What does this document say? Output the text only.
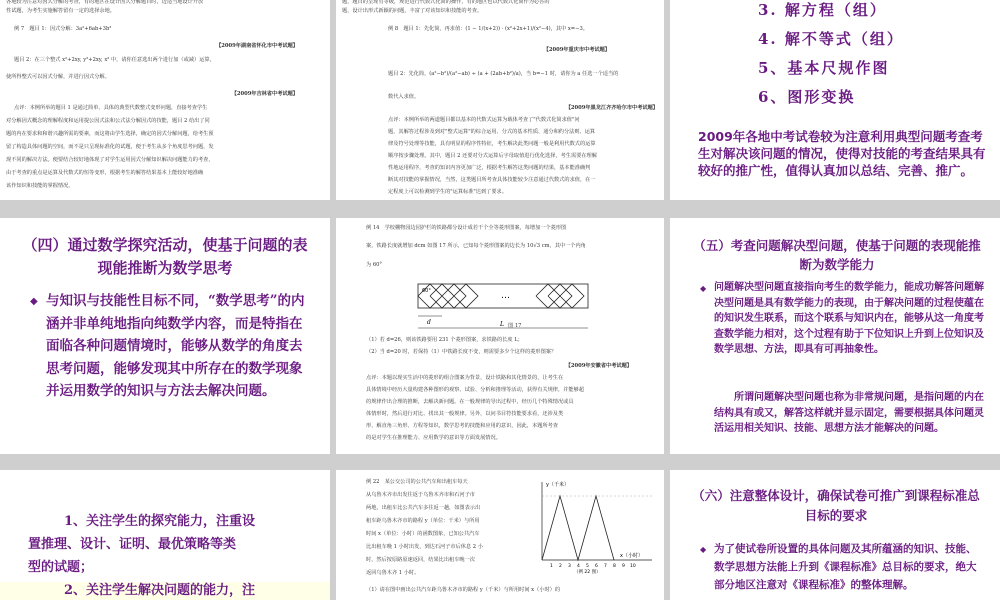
各地较为注意对因式分解的考查，有的地区在设计因式分解题目时，迈适当地设计开放

性试题，为考生实施解答留有一定的选择余地。

例 7　题目 1：因式分解：3a²+6ab+3b²

【2009年湖南省怀化市中考试题】

题目 2：在三个整式 x²+2xy, y²+2xy, x² 中，请你任意选出两个进行加（或减）运算，

使所得整式可以因式分解，并进行因式分解。

【2009年吉林省中考试题】

点评：本例所举的题目 1 是通过简单、具体的典型代数整式变形问题，直接考查学生

对分解因式概念的理解程度和运用提公因式法和公式法分解因式的技能，题目 2 给出了同

题的内在要求和和谐兴趣所需的要素，而这将由学生选择，确定的因式分解问题，给考生预

留了构造具体问题的空间，而不是只呈现标准化的试题，便于考生从多个角度思考问题，发

现不同的解决方法。便要结合较好地体现了对学生运用因式分解知识解决问题能力的考查，

由于考查的重点是运算及代数式的恒等变形，根据考生的解答结果基本上能较好地准确

该作知识和技能的掌握情况。

题，题目的呈现有等级，规范进行代数式化简的操作，有的地区也以代数式化简作为必答的

题，设计出形式新颖的问题，丰富了对该知识和技能的考查。

例 8　题目 1：先化简，再求值：(1 − 1/(x+2)) · (x²+2x+1)/(x²−4)，其中 x=−3。

【2009年重庆市中考试题】

题目 2：先化简，(a²−b²)/(a²−ab) ÷ (a + (2ab+b²)/a)，当 b=−1 时，请你为 a 任选一个适当的

数代入求值。

【2009年黑龙江齐齐哈尔市中考试题】

点评：本例所举的两道题目都以基本的代数式运算为载体考查了"代数式化简求值"问

题，其解答过程涉及到对"整式运算"的综合运用、分式的基本性质、通分和约分法则、运算

律及符号处理等技能，具有明显的程序性特征，考生解决此类问题一般是利用代数式的运算

顺序按步骤处理。其中，题目 2 还要对分式运算后字母取值进行优化选择，考生需要在理解

性地运用程序，考查的知识内容更加广泛，根据考生解答这类问题的结果，基本能准确判

断其对技能的掌握情况，当然，这类题目所考查具体技能较少注意通过代数式的求值，在一

定程度上可以检测到学生的"运算标准"达到了要求。

3. 解方程（组）
4. 解不等式（组）
5、基本尺规作图
6、图形变换
2009年各地中考试卷较为注意利用典型问题考查考生对解决该问题的情况，使得对技能的考查结果具有较好的推广性，值得认真加以总结、完善、推广。
（四）通过数学探究活动，使基于问题的表现能推断为数学思考
◆ 与知识与技能性目标不同，“数学思考”的内涵并非单纯地指向纯数学内容，而是特指在面临各种问题情境时，能够从数学的角度去思考问题，能够发现其中所存在的数学现象并运用数学的知识与方法去解决问题。

例 14　学校棚物园边园护栏的铁路都分设计成若干个全等菱形图案，每增加一个菱形图

案，铁路长度就增加 dcm 如图 17 所示，已知每个菱形图案的边长为 10√3 cm，其中一个内角

为 60°

…
60°
d	L 图 17

（1）若 d=26，则该铁路要用 231 个菱形图案，求铁路的长度 L；

（2）当 d=20 时，若保持（1）中铁路长度不变，则需要多少个这样的菱形图案？

【2009年安徽省中考试题】

点评：本题以现实生活中的菱形的组合图案为背景，设计铁路和其化情景的，让考生在

具体情境中经历大量构建各种图形的观察、试验、分析和推理等活动，获得有关规律，并能够超

的规律作出合理的推断，去解决新问题。在一般规律的导出过程中，经历几个特殊情况或具

体情形时，然后进行对比、找出其一般规律。另外，以问书目符技能要求看，还涉及类

形、解直角三角形、方程等知识，数学思考的技能和应用的意识，因此，本题所考查

的是对学生在推理能力、应用数学的意识等方面发展情况。

（五）考查问题解决型问题，使基于问题的表现能推断为数学能力
◆ 问题解决型问题直接指向考生的数学能力，能成功解答问题解决型问题是具有数学能力的表现，由于解决问题的过程使蕴在的知识发生联系，而这个联系与知识内在，能够从这一角度考查数学能力相对，这个过程有助于下位知识上升到上位知识及数学思想、方法，即具有可再抽象性。
所谓问题解决型问题也称为非常规问题，是指问题的内在结构具有或又，解答这样就并显示固定，需要根据具体问题灵活运用相关知识、技能、思想方法才能解决的问题。
1、关注学生的探究能力，注重设
置推理、设计、证明、最优策略等类
型的试题；
2、关注学生解决问题的能力，注

例 22　某公交公司的公共汽车和出租车每天

从乌鲁木齐市出发往返于乌鲁木齐市和石河子市

两地，出租车比公共汽车多往返一趟，如图表示出

租车距乌鲁木齐市的路程 y（单位：千米）与所用

时间 x（单位：小时）的函数图象，已知公共汽车

比出租车晚 1 小时出发，到达石河子市后休息 2 小

时，然后按原路原速返回，结果比出租车晚一次

返回乌鲁木齐 1 小时。

（1）请在图中画出公共汽车距乌鲁木齐市的路程 y（千米）与所用时间 x（小时）的

y（千米）
x（小时）
1 2 3 4 5 6 7 8 9 10
（例 22 图）
（六）注意整体设计，确保试卷可推广到课程标准总目标的要求
◆ 为了使试卷所设置的具体问题及其所蕴涵的知识、技能、数学思想方法能上升到《课程标准》总目标的要求，绝大部分地区注意对《课程标准》的整体理解。
